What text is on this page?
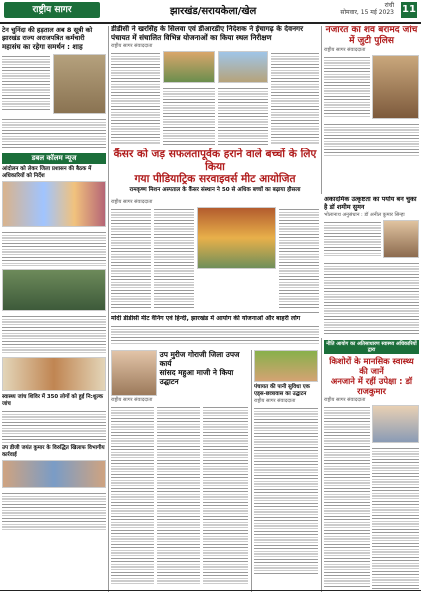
राष्ट्रीय सागर	झारखंड/सरायकेला/खेल
रांची
सोमवार, 15 मई 2023 11

टेन चुनिंदा की हड़ताल अब 8 सूत्री को झारखंड राज्य अराजपत्रित कर्मचारी

महासंघ का रहेगा समर्थन : शाह

डबल कॉलम न्यूज

आंदोलन को लेकर जिला प्रशासन की बैठक में अधिकारियों को निर्देश

स्वास्थ्य जांच शिविर में 350 लोगों को हुई नि:शुल्क जांच

उप डीजी जयंत कुमार के विरुद्धित खिलाफ विभागीय कार्रवाई

डीडीसी ने खरसिंह के सिलवा एवं डीआरडीए निदेशक ने ईचागढ़ के देवनगर पंचायत में संचालित विभिन्न योजनाओं का किया स्थल निरीक्षण

राष्ट्रीय सागर संवाददाता

नजारत का शव बरामद जांच में जुटी पुलिस

राष्ट्रीय सागर संवाददाता

कैंसर को जड़ सफलतापूर्वक हराने वाले बच्चों के लिए किया

गया पीडियाट्रिक सरवाइवर्स मीट आयोजित

रामकृष्ण मिशन अस्पताल के कैंसर संस्थान ने 50 से अधिक बच्चों का बढ़ाया हौसला

अकादमिक उत्कृष्टता का पर्याय बन चुका है डॉ शमीम सुमन

भोलानाथ अनुसंधान : डॉ अनील कुमार सिन्हा

राष्ट्रीय सागर संवाददाता

मोदी डीडीसी मीट वैनिंग एवं हिन्दी, झारखंड में आयोग की योजनाओं और बाहरी लोग

उप मुरीज गोराजी जिला उपज कार्य

सांसद महुआ माजी ने किया उद्घाटन

राष्ट्रीय सागर संवाददाता

पंचायत की पानी सुविधा एक एड्स-छात्रावास का उद्घाटन

राष्ट्रीय सागर संवाददाता

नीति आयोग का अतिसाधारण स्वास्थ्य अधिकारियों द्वारा

किशोरों के मानसिक स्वास्थ्य की जानें

अनजाने में रहीं उपेक्षा : डॉ राजकुमार

राष्ट्रीय सागर संवाददाता
